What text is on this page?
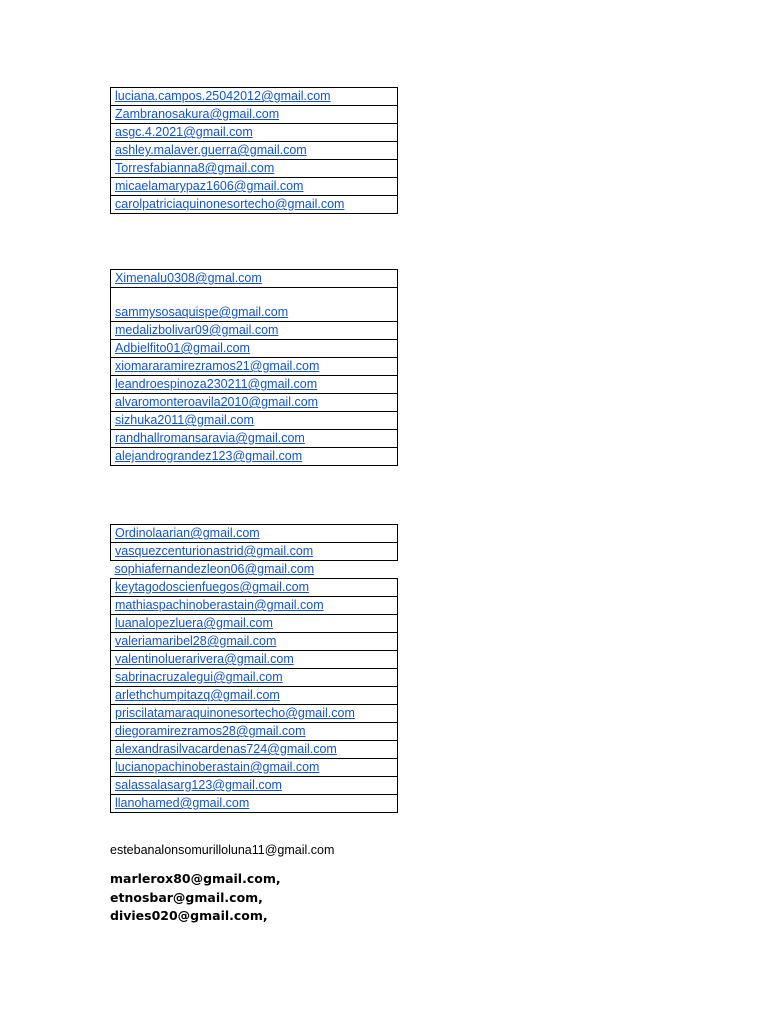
luciana.campos.25042012@gmail.com
Zambranosakura@gmail.com
asgc.4.2021@gmail.com
ashley.malaver.guerra@gmail.com
Torresfabianna8@gmail.com
micaelamarypaz1606@gmail.com
carolpatriciaquinonesortecho@gmail.com
Ximenalu0308@gmal.com
sammysosaquispe@gmail.com
medalizbolivar09@gmail.com
Adbielfito01@gmail.com
xiomararamirezramos21@gmail.com
leandroespinoza230211@gmail.com
alvaromonteroavila2010@gmail.com
sizhuka2011@gmail.com
randhallromansaravia@gmail.com
alejandrograndez123@gmail.com
Ordinolaarian@gmail.com
vasquezcenturionastrid@gmail.com
sophiafernandezleon06@gmail.com
keytagodoscienfuegos@gmail.com
mathiaspachinoberastain@gmail.com
luanalopezluera@gmail.com
valeriamaribel28@gmail.com
valentinoluerarivera@gmail.com
sabrinacruzalegui@gmail.com
arlethchumpitazq@gmail.com
priscilatamaraquinonesortecho@gmail.com
diegoramirezramos28@gmail.com
alexandrasilvacardenas724@gmail.com
lucianopachinoberastain@gmail.com
salassalasarg123@gmail.com
llanohamed@gmail.com

estebanalonsomurilloluna11@gmail.com

marlerox80@gmail.com,
etnosbar@gmail.com,
divies020@gmail.com,
